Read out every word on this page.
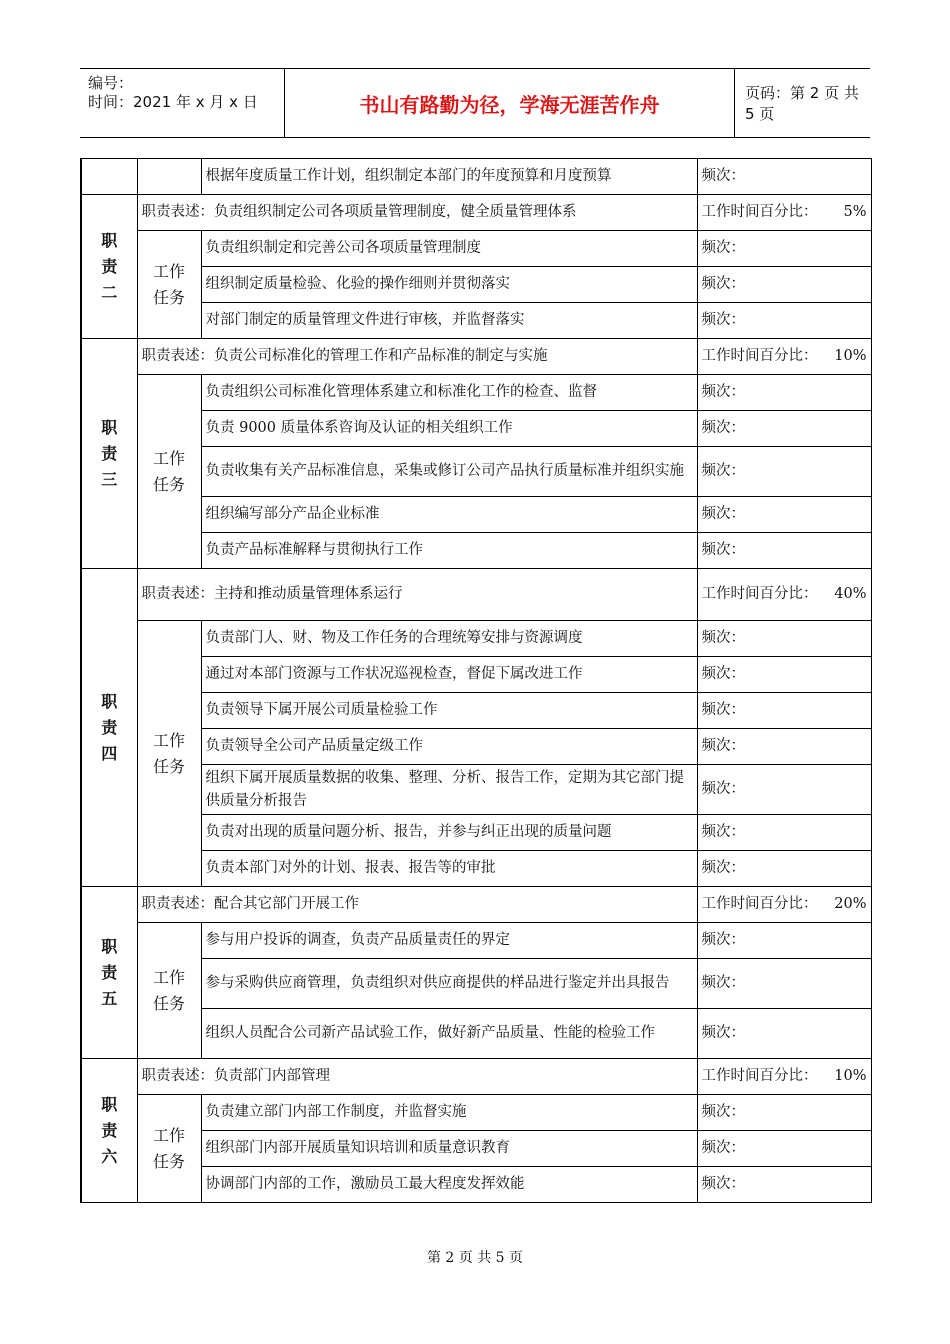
编号：
时间：2021 年 x 月 x 日	书山有路勤为径，学海无涯苦作舟	页码：第 2 页 共 5 页
		根据年度质量工作计划，组织制定本部门的年度预算和月度预算	频次：
职责二	职责表述：负责组织制定公司各项质量管理制度，健全质量管理体系		工作时间百分比： 5%

	工作任务	负责组织制定和完善公司各项质量管理制度	频次：
		组织制定质量检验、化验的操作细则并贯彻落实	频次：
		对部门制定的质量管理文件进行审核，并监督落实	频次：
职责三	职责表述：负责公司标准化的管理工作和产品标准的制定与实施		工作时间百分比： 10%

	工作任务	负责组织公司标准化管理体系建立和标准化工作的检查、监督	频次：
		负责 9000 质量体系咨询及认证的相关组织工作	频次：
		负责收集有关产品标准信息，采集或修订公司产品执行质量标准并组织实施	频次：
		组织编写部分产品企业标准	频次：
		负责产品标准解释与贯彻执行工作	频次：
职责四	职责表述：主持和推动质量管理体系运行		工作时间百分比： 40%

	工作任务	负责部门人、财、物及工作任务的合理统筹安排与资源调度	频次：
		通过对本部门资源与工作状况巡视检查，督促下属改进工作	频次：
		负责领导下属开展公司质量检验工作	频次：
		负责领导全公司产品质量定级工作	频次：
		组织下属开展质量数据的收集、整理、分析、报告工作，定期为其它部门提供质量分析报告	频次：
		负责对出现的质量问题分析、报告，并参与纠正出现的质量问题	频次：
		负责本部门对外的计划、报表、报告等的审批	频次：
职责五	职责表述：配合其它部门开展工作		工作时间百分比： 20%

	工作任务	参与用户投诉的调查，负责产品质量责任的界定	频次：
		参与采购供应商管理，负责组织对供应商提供的样品进行鉴定并出具报告	频次：
		组织人员配合公司新产品试验工作，做好新产品质量、性能的检验工作	频次：
职责六	职责表述：负责部门内部管理		工作时间百分比： 10%

	工作任务	负责建立部门内部工作制度，并监督实施	频次：
		组织部门内部开展质量知识培训和质量意识教育	频次：
		协调部门内部的工作，激励员工最大程度发挥效能	频次：
第 2 页 共 5 页
